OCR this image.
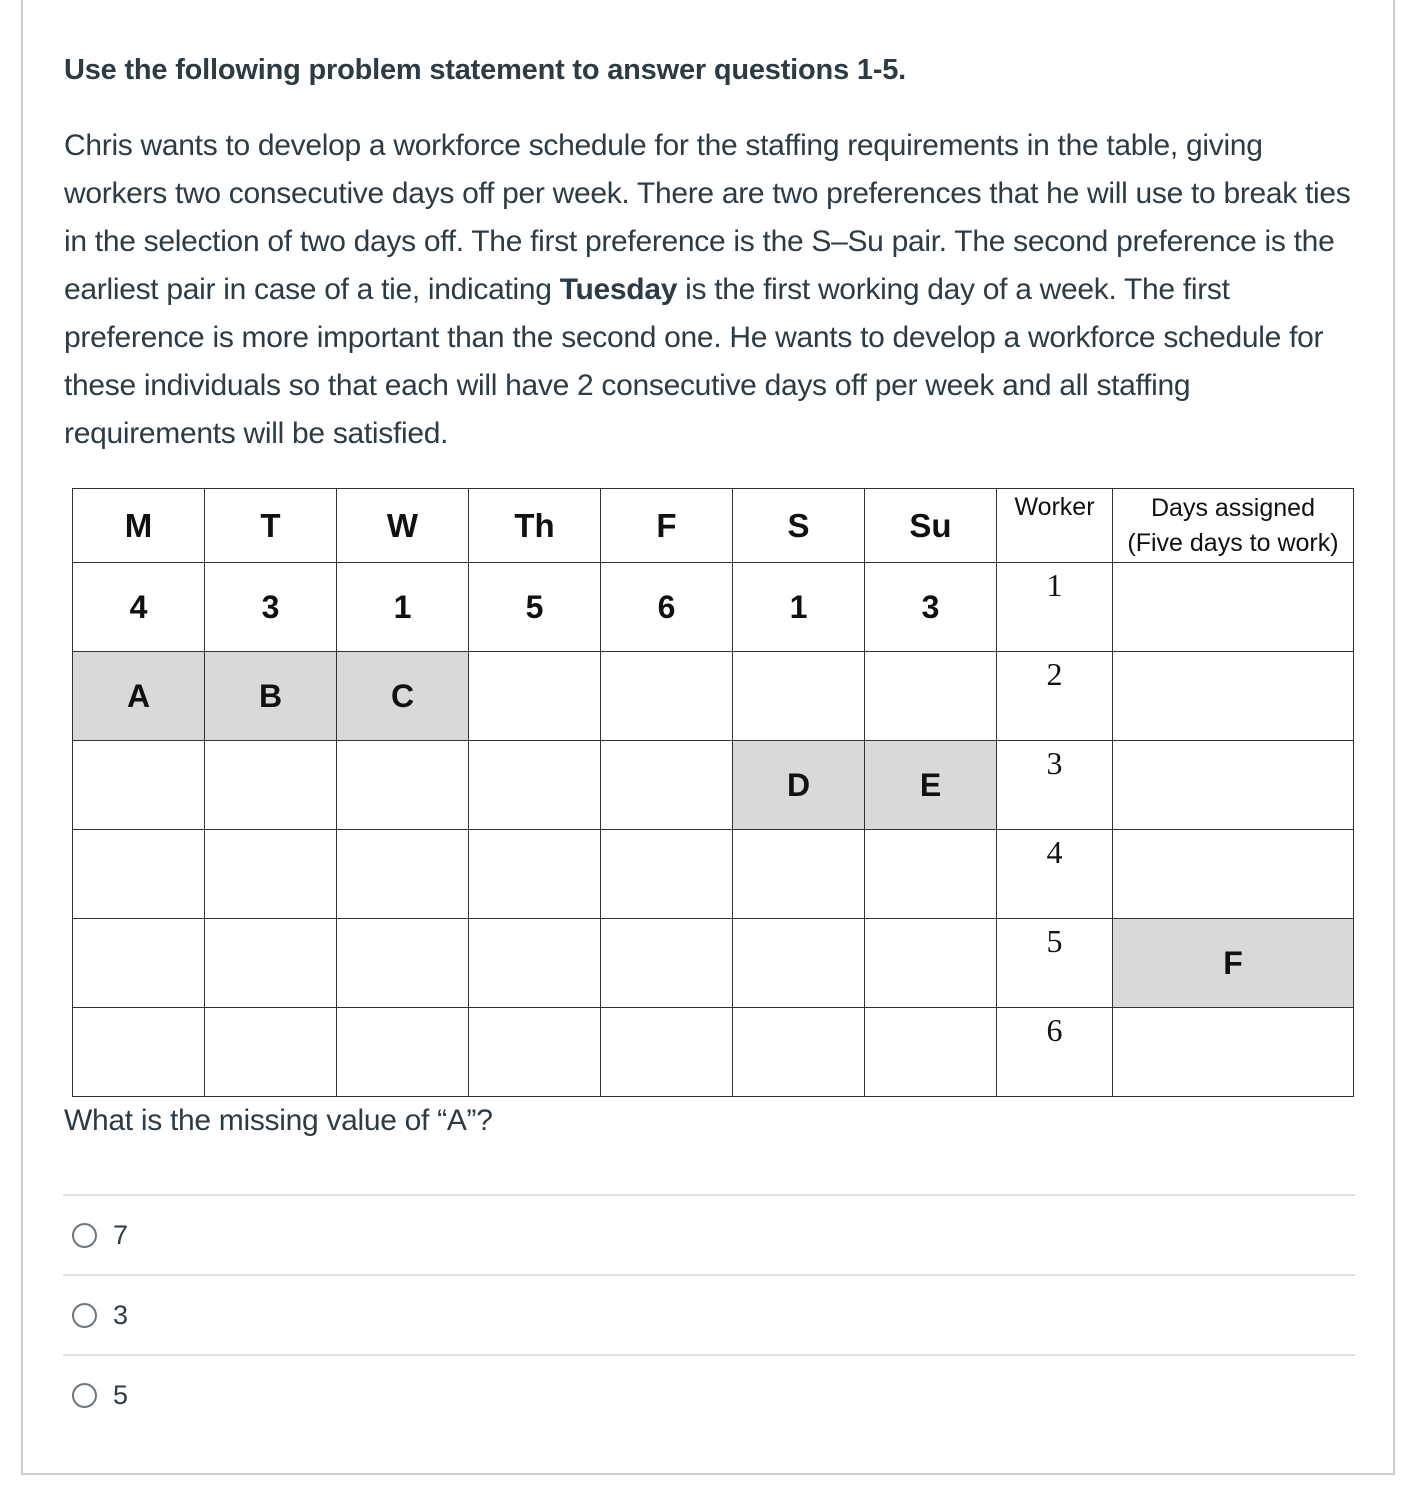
Use the following problem statement to answer questions 1-5.

Chris wants to develop a workforce schedule for the staffing requirements in the table, giving workers two consecutive days off per week. There are two preferences that he will use to break ties in the selection of two days off. The first preference is the S–Su pair. The second preference is the earliest pair in case of a tie, indicating Tuesday is the first working day of a week. The first preference is more important than the second one. He wants to develop a workforce schedule for these individuals so that each will have 2 consecutive days off per week and all staffing requirements will be satisfied.

M	T	W	Th	F	S	Su	Worker	Days assigned
(Five days to work)
4	3	1	5	6	1	3	1	
A	B	C					2	
					D	E	3	
							4	
							5	F
							6	

What is the missing value of “A”?

7
3
5
